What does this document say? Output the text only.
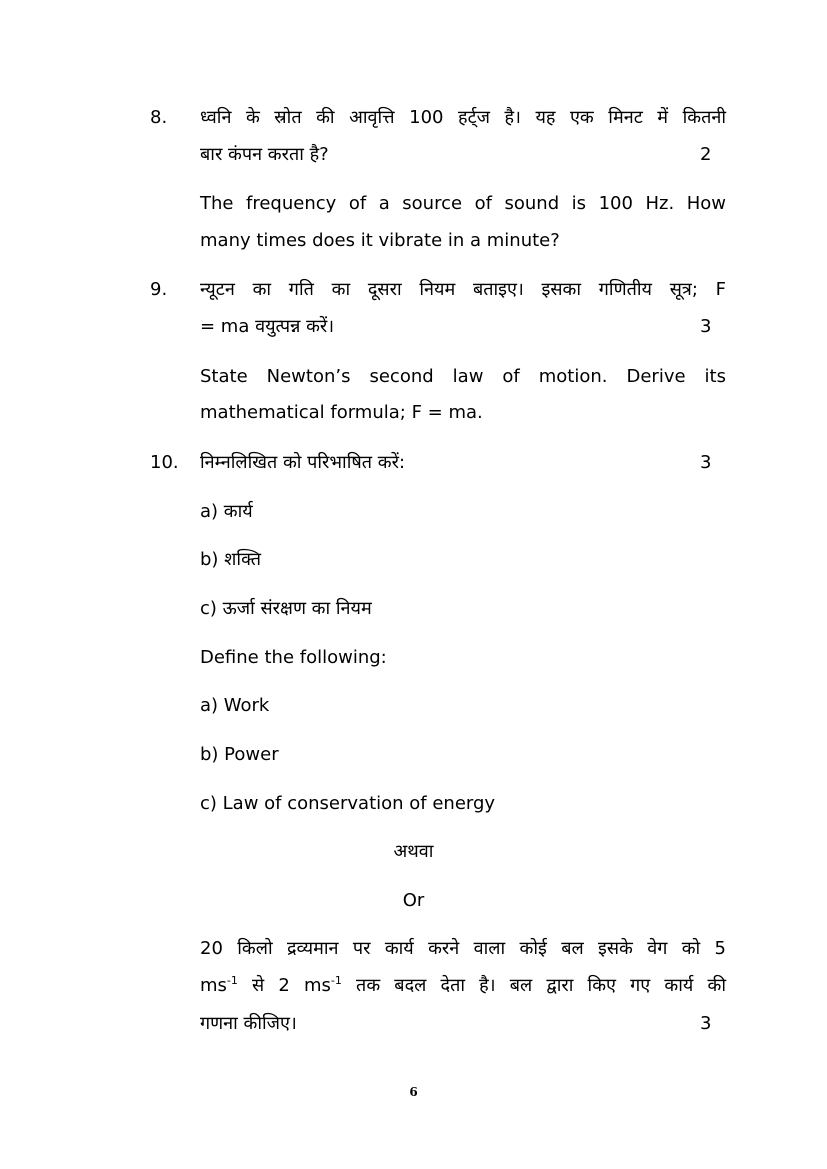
8. ध्वनि के स्रोत की आवृत्ति 100 हर्ट्ज है। यह एक मिनट में कितनी
बार कंपन करता है?	2
The frequency of a source of sound is 100 Hz. How
many times does it vibrate in a minute?
9. न्यूटन का गति का दूसरा नियम बताइए। इसका गणितीय सूत्र; F
= ma वयुत्पन्न करें।	3
State Newton’s second law of motion. Derive its
mathematical formula; F = ma.
10. निम्नलिखित को परिभाषित करें:	3
a) कार्य
b) शक्ति
c) ऊर्जा संरक्षण का नियम
Define the following:
a) Work
b) Power
c) Law of conservation of energy
अथवा
Or
20 किलो द्रव्यमान पर कार्य करने वाला कोई बल इसके वेग को 5
$ms^{-1}$ से 2 $ms^{-1}$ तक बदल देता है। बल द्वारा किए गए कार्य की
गणना कीजिए।	3
6
